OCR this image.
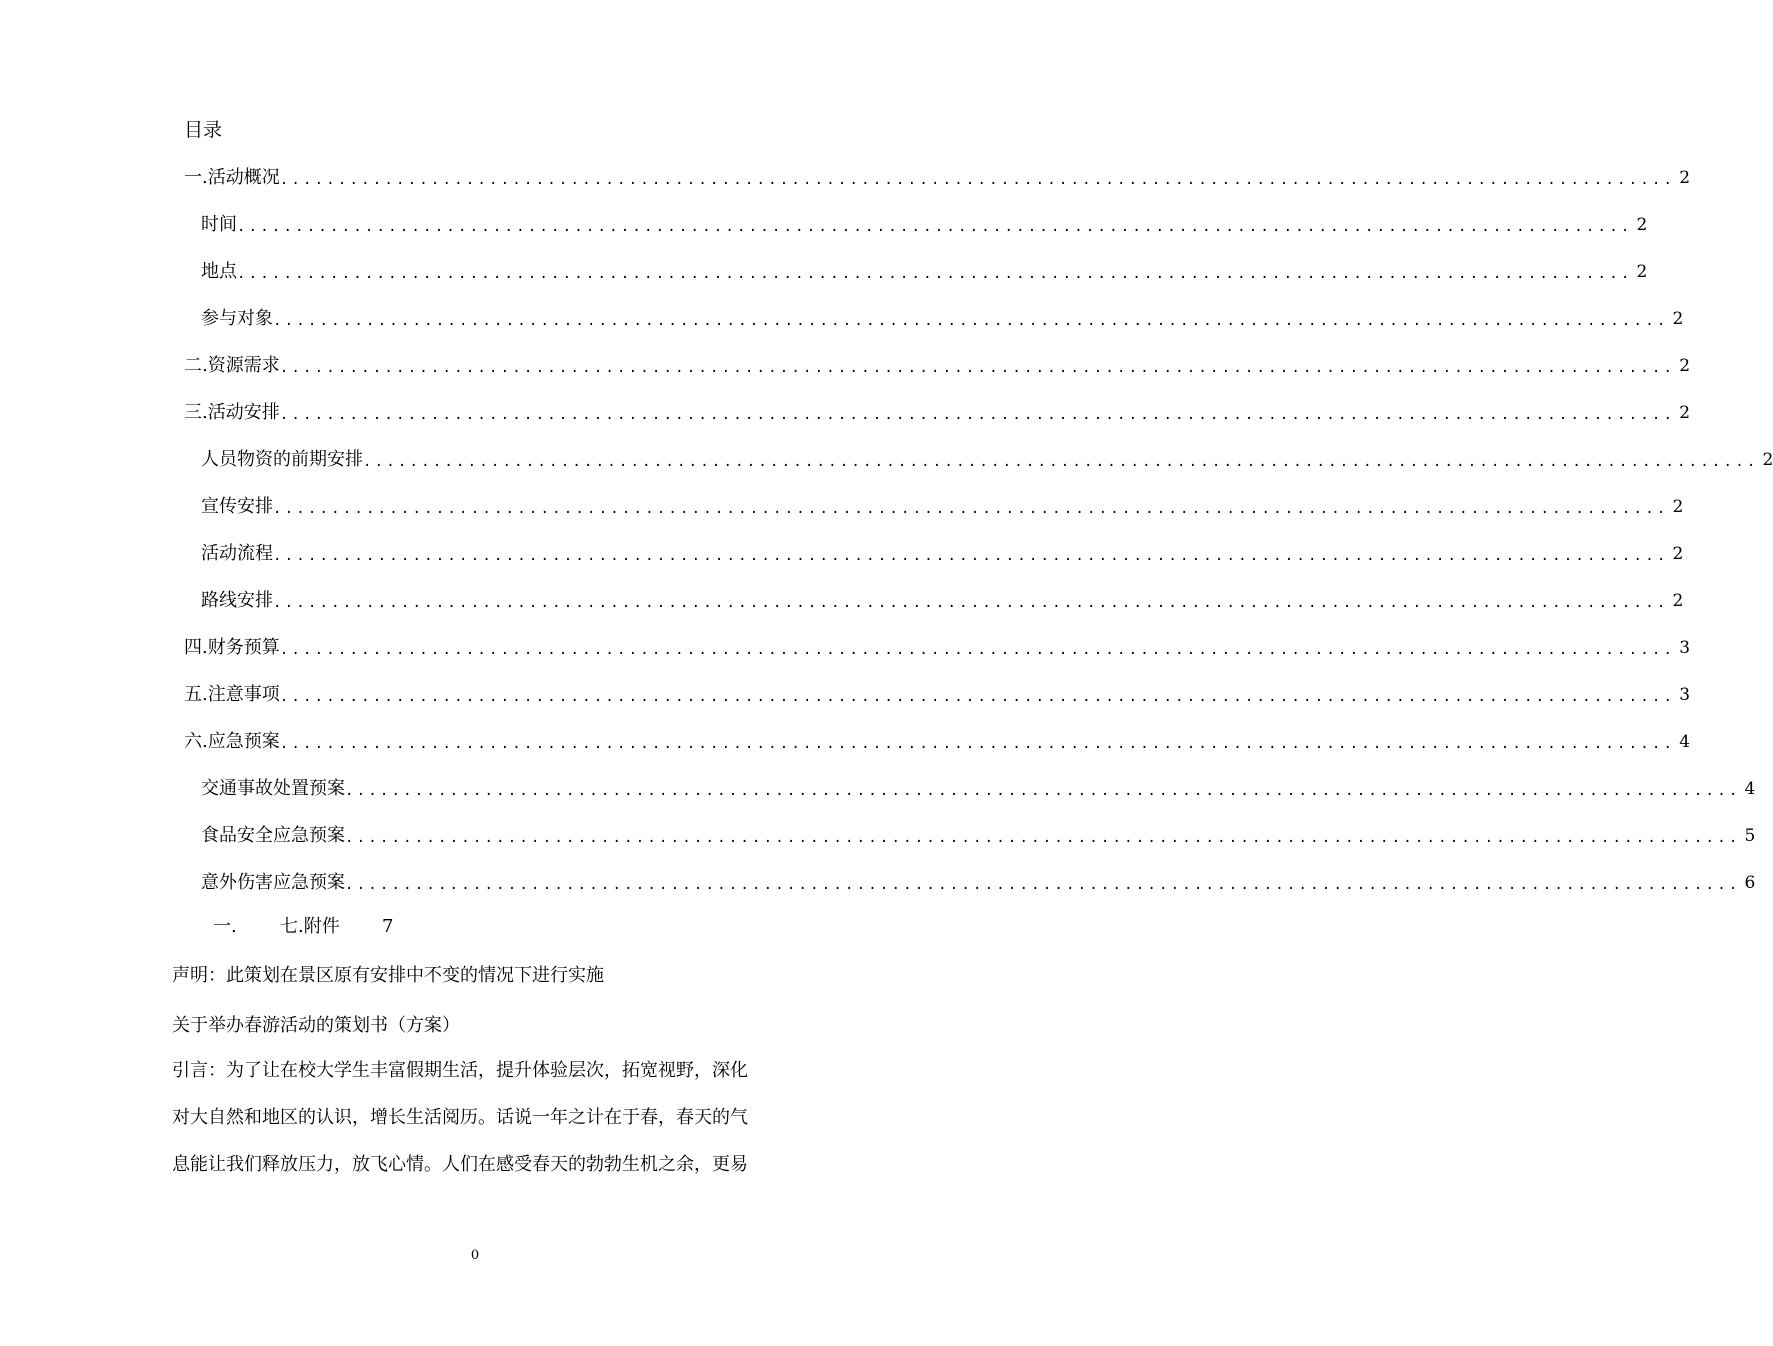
目录
一.活动概况 ........................................................................................................................ 2
时间 ........................................................................................................................ 2
地点 ........................................................................................................................ 2
参与对象 ........................................................................................................................ 2
二.资源需求 ........................................................................................................................ 2
三.活动安排 ........................................................................................................................ 2
人员物资的前期安排 ........................................................................................................................ 2
宣传安排 ........................................................................................................................ 2
活动流程 ........................................................................................................................ 2
路线安排 ........................................................................................................................ 2
四.财务预算 ........................................................................................................................ 3
五.注意事项 ........................................................................................................................ 3
六.应急预案 ........................................................................................................................ 4
交通事故处置预案 ........................................................................................................................ 4
食品安全应急预案 ........................................................................................................................ 5
意外伤害应急预案 ........................................................................................................................ 6
一. 七.附件 7
声明：此策划在景区原有安排中不变的情况下进行实施
关于举办春游活动的策划书（方案）
引言：为了让在校大学生丰富假期生活，提升体验层次，拓宽视野，深化
对大自然和地区的认识，增长生活阅历。话说一年之计在于春，春天的气
息能让我们释放压力，放飞心情。人们在感受春天的勃勃生机之余，更易
0
